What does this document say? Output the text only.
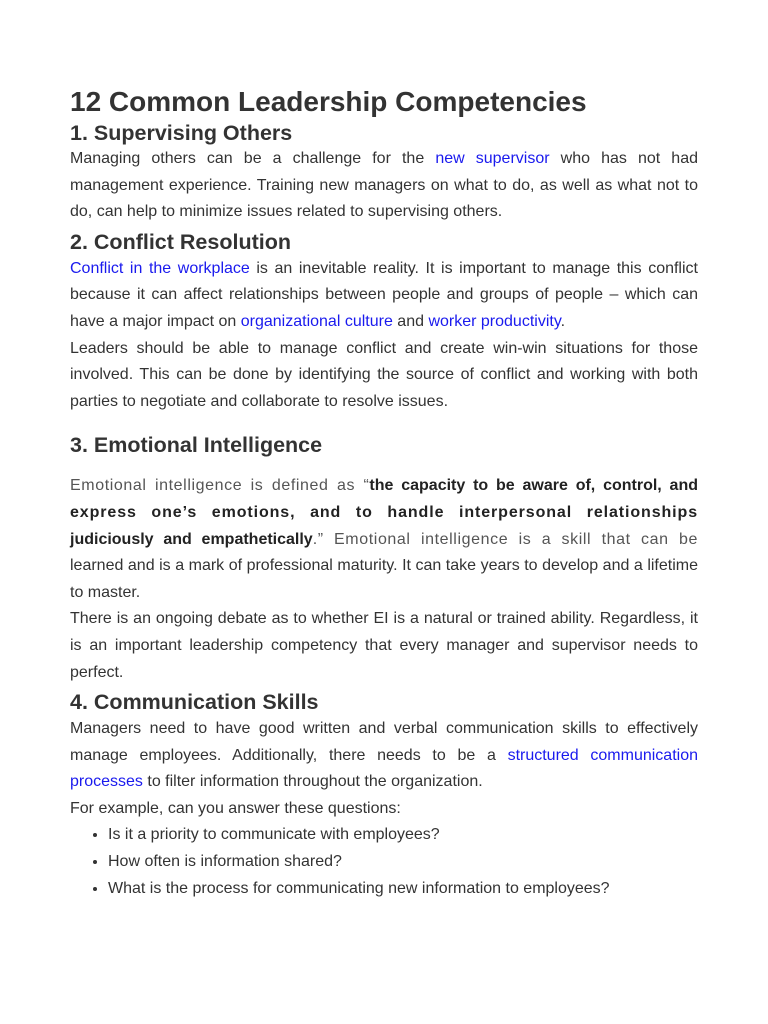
12 Common Leadership Competencies
1. Supervising Others

Managing others can be a challenge for the new supervisor who has not had management experience. Training new managers on what to do, as well as what not to do, can help to minimize issues related to supervising others.

2. Conflict Resolution

Conflict in the workplace is an inevitable reality. It is important to manage this conflict because it can affect relationships between people and groups of people – which can have a major impact on organizational culture and worker productivity.

Leaders should be able to manage conflict and create win-win situations for those involved. This can be done by identifying the source of conflict and working with both parties to negotiate and collaborate to resolve issues.

3. Emotional Intelligence

Emotional intelligence is defined as “the capacity to be aware of, control, and express one’s emotions, and to handle interpersonal relationships judiciously and empathetically.” Emotional intelligence is a skill that can be learned and is a mark of professional maturity. It can take years to develop and a lifetime to master.

There is an ongoing debate as to whether EI is a natural or trained ability. Regardless, it is an important leadership competency that every manager and supervisor needs to perfect.

4. Communication Skills

Managers need to have good written and verbal communication skills to effectively manage employees. Additionally, there needs to be a structured communication processes to filter information throughout the organization.

For example, can you answer these questions:

• Is it a priority to communicate with employees?
• How often is information shared?
• What is the process for communicating new information to employees?
